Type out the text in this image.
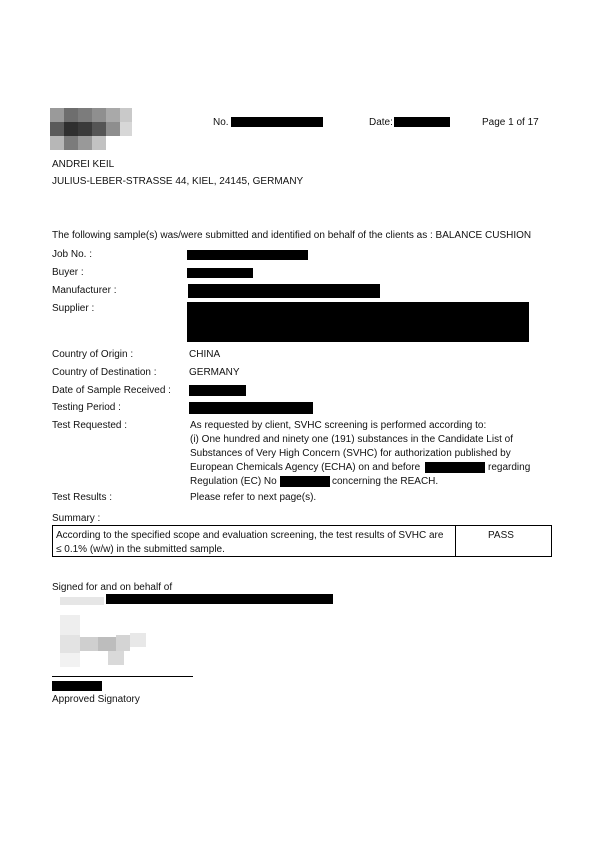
No.	Date:	Page 1 of 17
ANDREI KEIL
JULIUS-LEBER-STRASSE 44, KIEL, 24145, GERMANY
The following sample(s) was/were submitted and identified on behalf of the clients as : BALANCE CUSHION
Job No. :
Buyer :
Manufacturer :
Supplier :
Country of Origin :	CHINA
Country of Destination :	GERMANY
Date of Sample Received :
Testing Period :
Test Requested :	As requested by client, SVHC screening is performed according to:
(i) One hundred and ninety one (191) substances in the Candidate List of
Substances of Very High Concern (SVHC) for authorization published by
European Chemicals Agency (ECHA) on and before	regarding
Regulation (EC) No	concerning the REACH.
Test Results :	Please refer to next page(s).
Summary :
According to the specified scope and evaluation screening, the test results of SVHC are
≤ 0.1% (w/w) in the submitted sample.
PASS
Signed for and on behalf of
Approved Signatory
